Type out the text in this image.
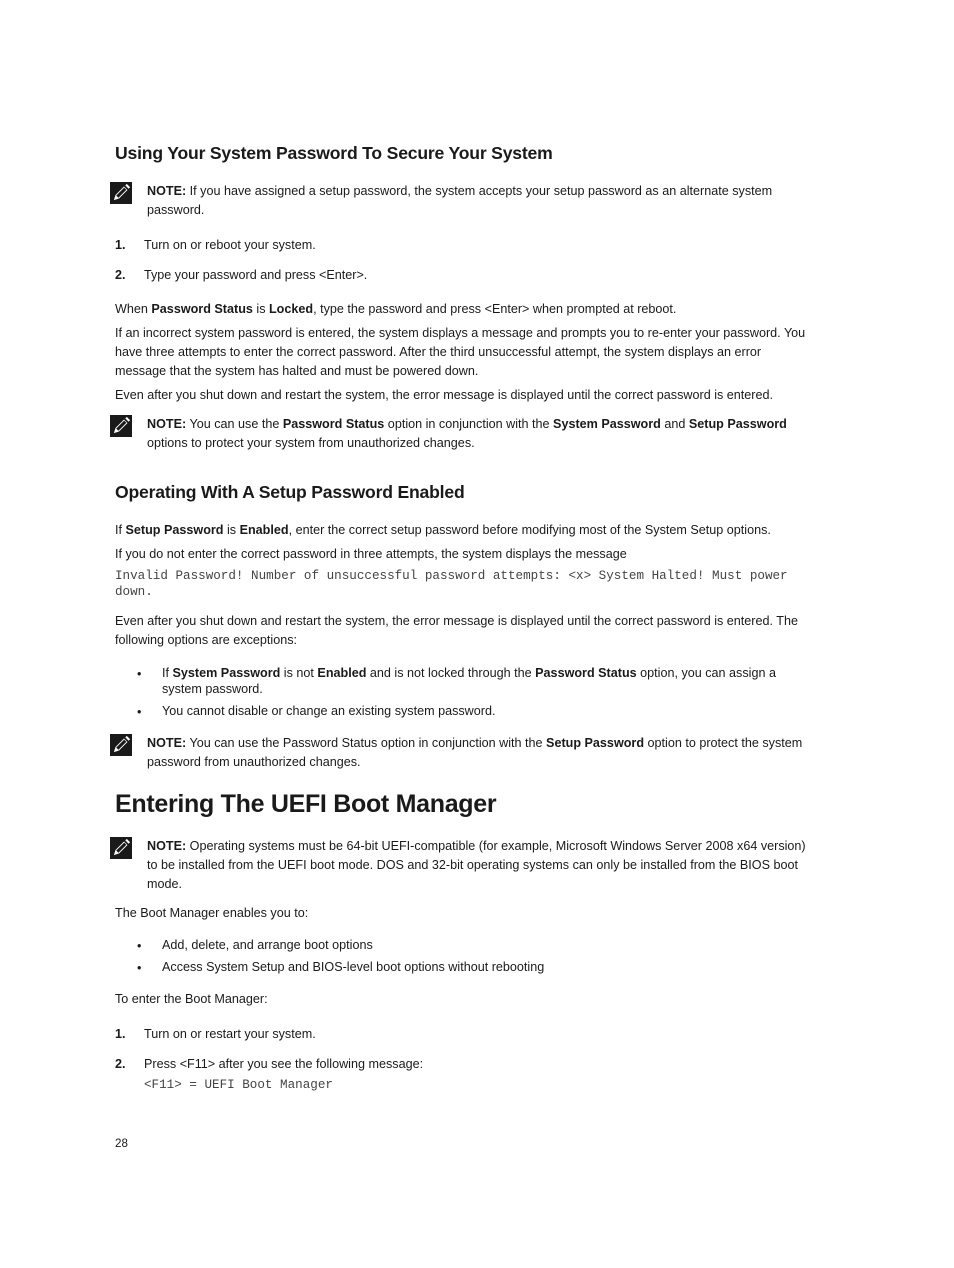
Using Your System Password To Secure Your System
NOTE: If you have assigned a setup password, the system accepts your setup password as an alternate system password.
1. Turn on or reboot your system.
2. Type your password and press <Enter>.

When Password Status is Locked, type the password and press <Enter> when prompted at reboot.

If an incorrect system password is entered, the system displays a message and prompts you to re-enter your password. You have three attempts to enter the correct password. After the third unsuccessful attempt, the system displays an error message that the system has halted and must be powered down.

Even after you shut down and restart the system, the error message is displayed until the correct password is entered.

NOTE: You can use the Password Status option in conjunction with the System Password and Setup Password options to protect your system from unauthorized changes.
Operating With A Setup Password Enabled

If Setup Password is Enabled, enter the correct setup password before modifying most of the System Setup options.

If you do not enter the correct password in three attempts, the system displays the message

Invalid Password! Number of unsuccessful password attempts: <x> System Halted! Must power down.

Even after you shut down and restart the system, the error message is displayed until the correct password is entered. The following options are exceptions:

• If System Password is not Enabled and is not locked through the Password Status option, you can assign a system password.
• You cannot disable or change an existing system password.
NOTE: You can use the Password Status option in conjunction with the Setup Password option to protect the system password from unauthorized changes.
Entering The UEFI Boot Manager
NOTE: Operating systems must be 64-bit UEFI-compatible (for example, Microsoft Windows Server 2008 x64 version) to be installed from the UEFI boot mode. DOS and 32-bit operating systems can only be installed from the BIOS boot mode.

The Boot Manager enables you to:

• Add, delete, and arrange boot options
• Access System Setup and BIOS-level boot options without rebooting

To enter the Boot Manager:

1. Turn on or restart your system.
2. Press <F11> after you see the following message:
<F11> = UEFI Boot Manager
28
